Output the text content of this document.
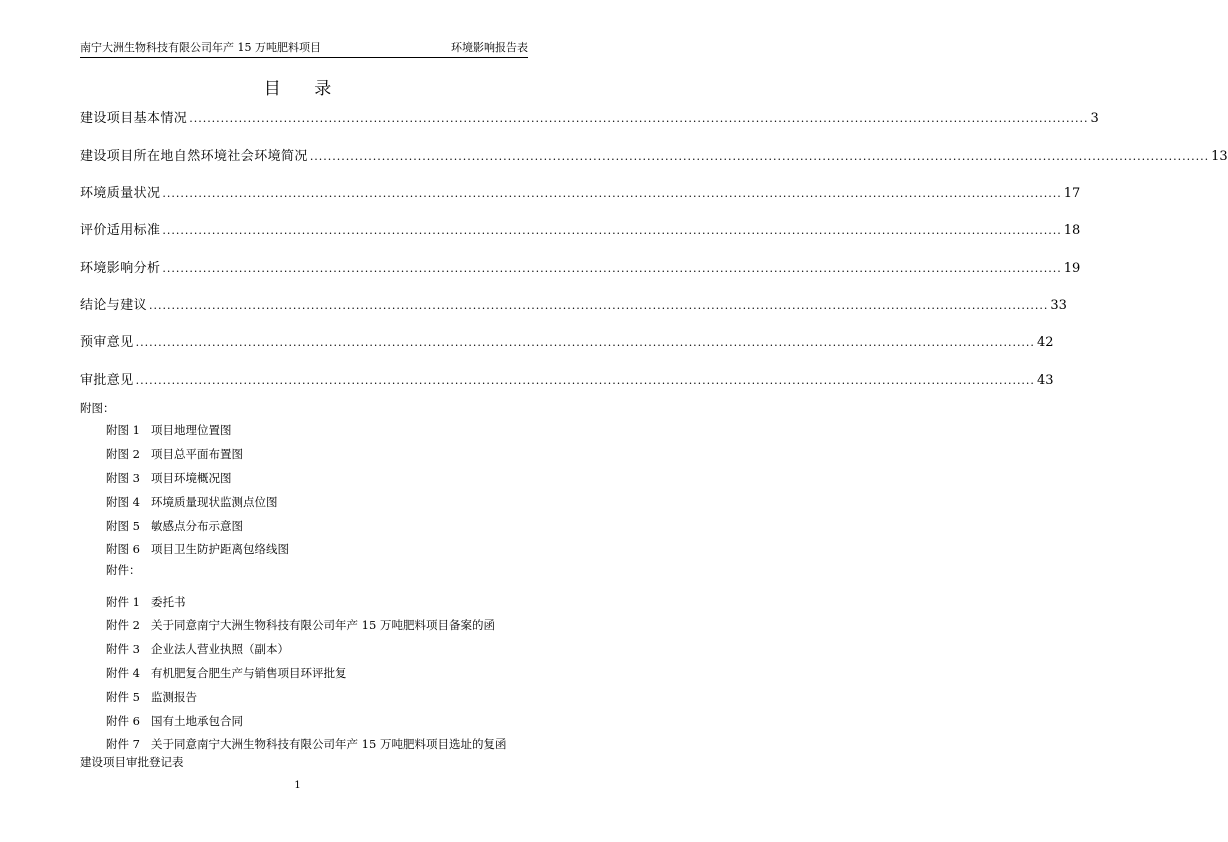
南宁大洲生物科技有限公司年产 15 万吨肥料项目	环境影响报告表
目 录
建设项目基本情况 ........................................................................................................................................................................................................ 3
建设项目所在地自然环境社会环境简况 ........................................................................................................................................................................................................ 13
环境质量状况 ........................................................................................................................................................................................................ 17
评价适用标准 ........................................................................................................................................................................................................ 18
环境影响分析 ........................................................................................................................................................................................................ 19
结论与建议 ........................................................................................................................................................................................................ 33
预审意见 ........................................................................................................................................................................................................ 42
审批意见 ........................................................................................................................................................................................................ 43
附图：
附图 1 项目地理位置图
附图 2 项目总平面布置图
附图 3 项目环境概况图
附图 4 环境质量现状监测点位图
附图 5 敏感点分布示意图
附图 6 项目卫生防护距离包络线图
附件：
附件 1 委托书
附件 2 关于同意南宁大洲生物科技有限公司年产 15 万吨肥料项目备案的函
附件 3 企业法人营业执照（副本）
附件 4 有机肥复合肥生产与销售项目环评批复
附件 5 监测报告
附件 6 国有土地承包合同
附件 7 关于同意南宁大洲生物科技有限公司年产 15 万吨肥料项目选址的复函
建设项目审批登记表
1
